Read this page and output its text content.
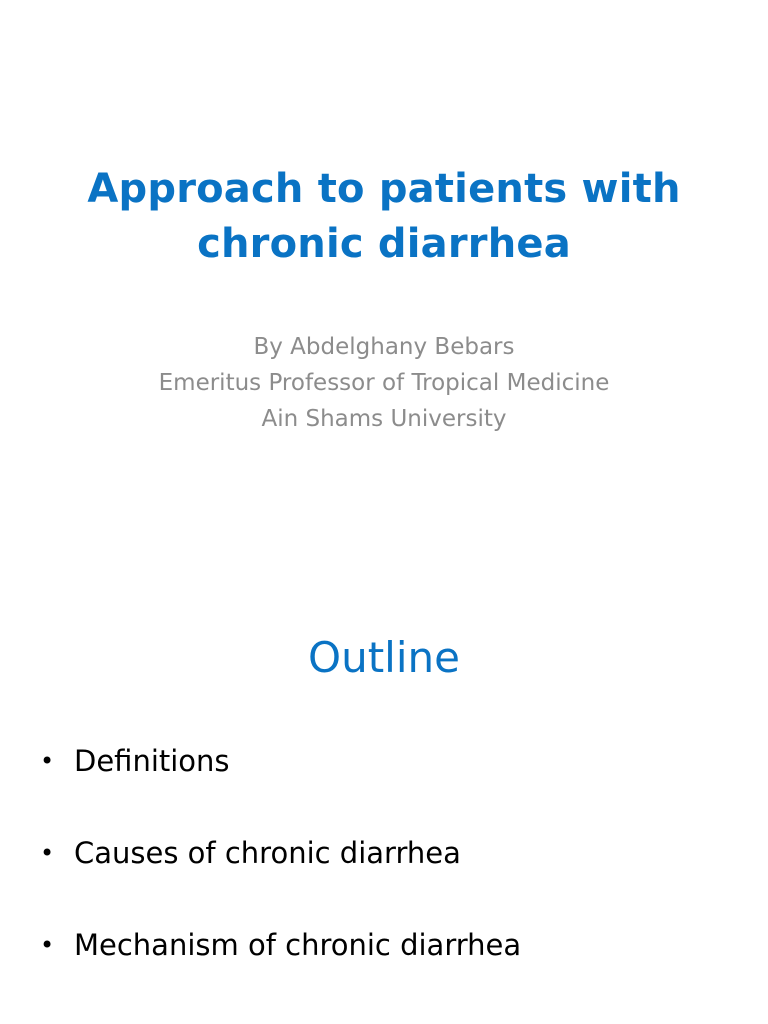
Approach to patients with
chronic diarrhea
By Abdelghany Bebars
Emeritus Professor of Tropical Medicine
Ain Shams University
Outline
• Definitions
• Causes of chronic diarrhea
• Mechanism of chronic diarrhea
